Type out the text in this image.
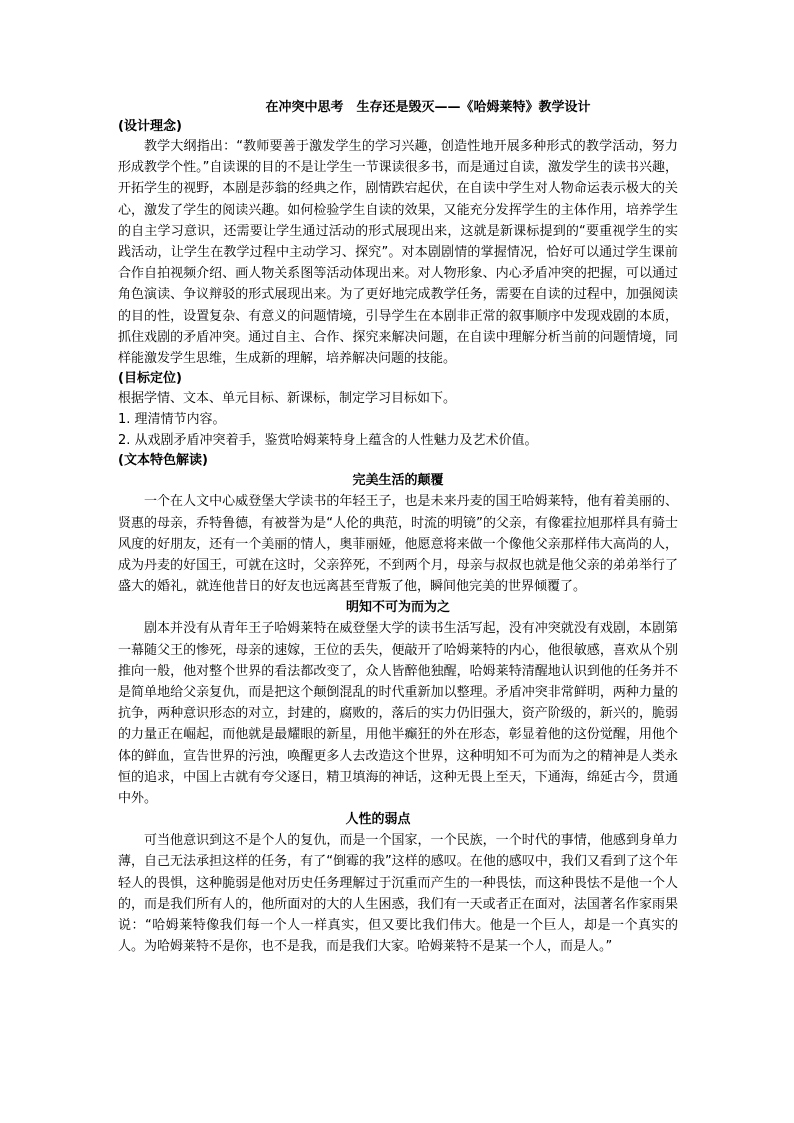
在冲突中思考　生存还是毁灭——《哈姆莱特》教学设计

(设计理念)

教学大纲指出：“教师要善于激发学生的学习兴趣，创造性地开展多种形式的教学活动，努力形成教学个性。”自读课的目的不是让学生一节课读很多书，而是通过自读，激发学生的读书兴趣，开拓学生的视野，本剧是莎翁的经典之作，剧情跌宕起伏，在自读中学生对人物命运表示极大的关心，激发了学生的阅读兴趣。如何检验学生自读的效果，又能充分发挥学生的主体作用，培养学生的自主学习意识，还需要让学生通过活动的形式展现出来，这就是新课标提到的“要重视学生的实践活动，让学生在教学过程中主动学习、探究”。对本剧剧情的掌握情况，恰好可以通过学生课前合作自拍视频介绍、画人物关系图等活动体现出来。对人物形象、内心矛盾冲突的把握，可以通过角色演读、争议辩驳的形式展现出来。为了更好地完成教学任务，需要在自读的过程中，加强阅读的目的性，设置复杂、有意义的问题情境，引导学生在本剧非正常的叙事顺序中发现戏剧的本质，抓住戏剧的矛盾冲突。通过自主、合作、探究来解决问题，在自读中理解分析当前的问题情境，同样能激发学生思维，生成新的理解，培养解决问题的技能。

(目标定位)

根据学情、文本、单元目标、新课标，制定学习目标如下。

1. 理清情节内容。

2. 从戏剧矛盾冲突着手，鉴赏哈姆莱特身上蕴含的人性魅力及艺术价值。

(文本特色解读)

完美生活的颠覆

一个在人文中心威登堡大学读书的年轻王子，也是未来丹麦的国王哈姆莱特，他有着美丽的、贤惠的母亲，乔特鲁德，有被誉为是“人伦的典范，时流的明镜”的父亲，有像霍拉旭那样具有骑士风度的好朋友，还有一个美丽的情人，奥菲丽娅，他愿意将来做一个像他父亲那样伟大高尚的人，成为丹麦的好国王，可就在这时，父亲猝死，不到两个月，母亲与叔叔也就是他父亲的弟弟举行了盛大的婚礼，就连他昔日的好友也远离甚至背叛了他，瞬间他完美的世界倾覆了。

明知不可为而为之

剧本并没有从青年王子哈姆莱特在威登堡大学的读书生活写起，没有冲突就没有戏剧，本剧第一幕随父王的惨死，母亲的速嫁，王位的丢失，便敲开了哈姆莱特的内心，他很敏感，喜欢从个别推向一般，他对整个世界的看法都改变了，众人皆醉他独醒，哈姆莱特清醒地认识到他的任务并不是简单地给父亲复仇，而是把这个颠倒混乱的时代重新加以整理。矛盾冲突非常鲜明，两种力量的抗争，两种意识形态的对立，封建的，腐败的，落后的实力仍旧强大，资产阶级的，新兴的，脆弱的力量正在崛起，而他就是最耀眼的新星，用他半癫狂的外在形态，彰显着他的这份觉醒，用他个体的鲜血，宣告世界的污浊，唤醒更多人去改造这个世界，这种明知不可为而为之的精神是人类永恒的追求，中国上古就有夸父逐日，精卫填海的神话，这种无畏上至天，下通海，绵延古今，贯通中外。

人性的弱点

可当他意识到这不是个人的复仇，而是一个国家，一个民族，一个时代的事情，他感到身单力薄，自己无法承担这样的任务，有了“倒霉的我”这样的感叹。在他的感叹中，我们又看到了这个年轻人的畏惧，这种脆弱是他对历史任务理解过于沉重而产生的一种畏怯，而这种畏怯不是他一个人的，而是我们所有人的，他所面对的大的人生困惑，我们有一天或者正在面对，法国著名作家雨果说：“哈姆莱特像我们每一个人一样真实，但又要比我们伟大。他是一个巨人，却是一个真实的人。为哈姆莱特不是你，也不是我，而是我们大家。哈姆莱特不是某一个人，而是人。”
